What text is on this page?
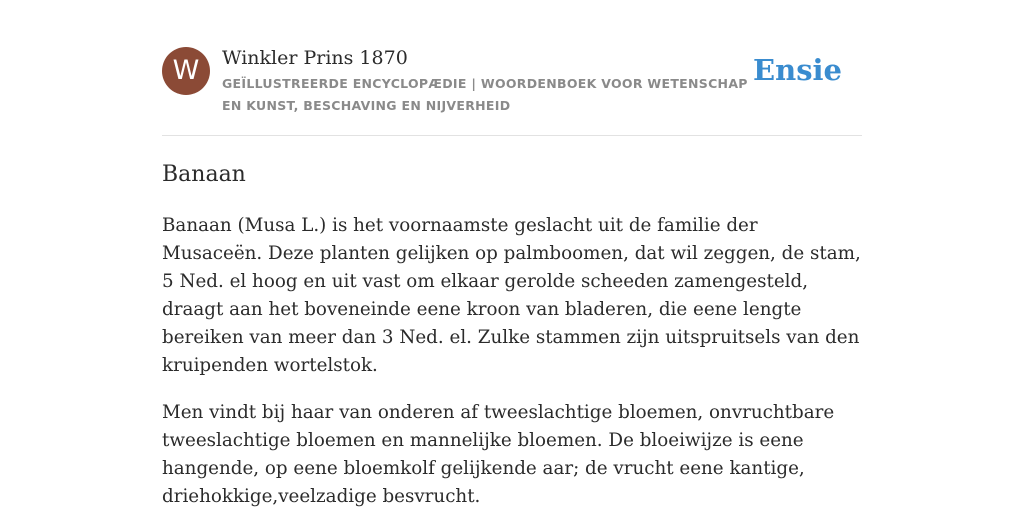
W	Winkler Prins 1870
GEÏLLUSTREERDE ENCYCLOPÆDIE | WOORDENBOEK VOOR WETENSCHAP EN KUNST, BESCHAVING EN NIJVERHEID
Ensie
Banaan

Banaan (Musa L.) is het voornaamste geslacht uit de familie der Musaceën. Deze planten gelijken op palmboomen, dat wil zeggen, de stam, 5 Ned. el hoog en uit vast om elkaar gerolde scheeden zamengesteld, draagt aan het boveneinde eene kroon van bladeren, die eene lengte bereiken van meer dan 3 Ned. el. Zulke stammen zijn uitspruitsels van den kruipenden wortelstok.

Men vindt bij haar van onderen af tweeslachtige bloemen, onvruchtbare tweeslachtige bloemen en mannelijke bloemen. De bloeiwijze is eene hangende, op eene bloemkolf gelijkende aar; de vrucht eene kantige, driehokkige,veelzadige besvrucht.
